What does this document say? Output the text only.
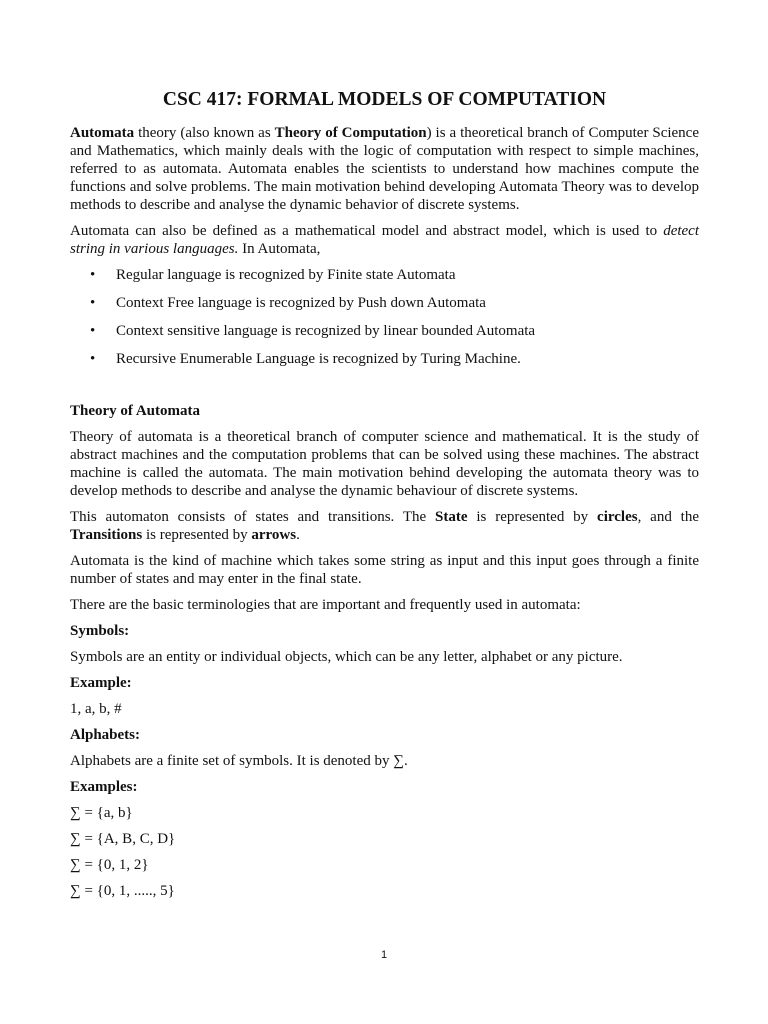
CSC 417: FORMAL MODELS OF COMPUTATION

Automata theory (also known as Theory of Computation) is a theoretical branch of Computer Science and Mathematics, which mainly deals with the logic of computation with respect to simple machines, referred to as automata. Automata enables the scientists to understand how machines compute the functions and solve problems. The main motivation behind developing Automata Theory was to develop methods to describe and analyse the dynamic behavior of discrete systems.

Automata can also be defined as a mathematical model and abstract model, which is used to detect string in various languages. In Automata,

• Regular language is recognized by Finite state Automata
• Context Free language is recognized by Push down Automata
• Context sensitive language is recognized by linear bounded Automata
• Recursive Enumerable Language is recognized by Turing Machine.

Theory of Automata

Theory of automata is a theoretical branch of computer science and mathematical. It is the study of abstract machines and the computation problems that can be solved using these machines. The abstract machine is called the automata. The main motivation behind developing the automata theory was to develop methods to describe and analyse the dynamic behaviour of discrete systems.

This automaton consists of states and transitions. The State is represented by circles, and the Transitions is represented by arrows.

Automata is the kind of machine which takes some string as input and this input goes through a finite number of states and may enter in the final state.

There are the basic terminologies that are important and frequently used in automata:

Symbols:

Symbols are an entity or individual objects, which can be any letter, alphabet or any picture.

Example:

1, a, b, #

Alphabets:

Alphabets are a finite set of symbols. It is denoted by ∑.

Examples:

∑ = {a, b}

∑ = {A, B, C, D}

∑ = {0, 1, 2}

∑ = {0, 1, ....., 5}

1
